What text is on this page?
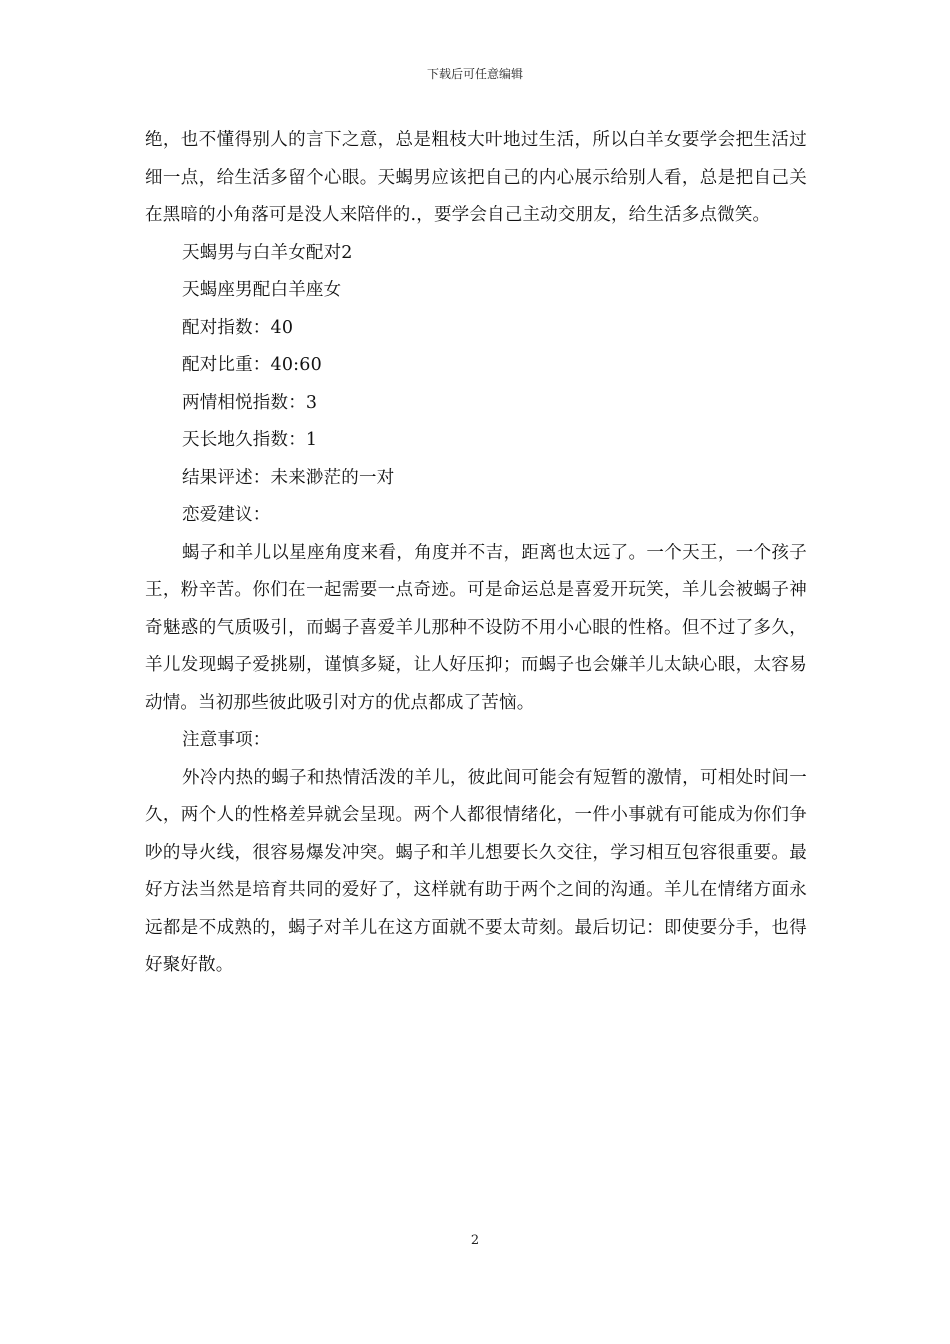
下载后可任意编辑

绝，也不懂得别人的言下之意，总是粗枝大叶地过生活，所以白羊女要学会把生活过细一点，给生活多留个心眼。天蝎男应该把自己的内心展示给别人看，总是把自己关在黑暗的小角落可是没人来陪伴的.，要学会自己主动交朋友，给生活多点微笑。

天蝎男与白羊女配对2

天蝎座男配白羊座女

配对指数：40

配对比重：40:60

两情相悦指数：3

天长地久指数：1

结果评述：未来渺茫的一对

恋爱建议：

蝎子和羊儿以星座角度来看，角度并不吉，距离也太远了。一个天王，一个孩子王，粉辛苦。你们在一起需要一点奇迹。可是命运总是喜爱开玩笑，羊儿会被蝎子神奇魅惑的气质吸引，而蝎子喜爱羊儿那种不设防不用小心眼的性格。但不过了多久，羊儿发现蝎子爱挑剔，谨慎多疑，让人好压抑；而蝎子也会嫌羊儿太缺心眼，太容易动情。当初那些彼此吸引对方的优点都成了苦恼。

注意事项：

外冷内热的蝎子和热情活泼的羊儿，彼此间可能会有短暂的激情，可相处时间一久，两个人的性格差异就会呈现。两个人都很情绪化，一件小事就有可能成为你们争吵的导火线，很容易爆发冲突。蝎子和羊儿想要长久交往，学习相互包容很重要。最好方法当然是培育共同的爱好了，这样就有助于两个之间的沟通。羊儿在情绪方面永远都是不成熟的，蝎子对羊儿在这方面就不要太苛刻。最后切记：即使要分手，也得好聚好散。

2
